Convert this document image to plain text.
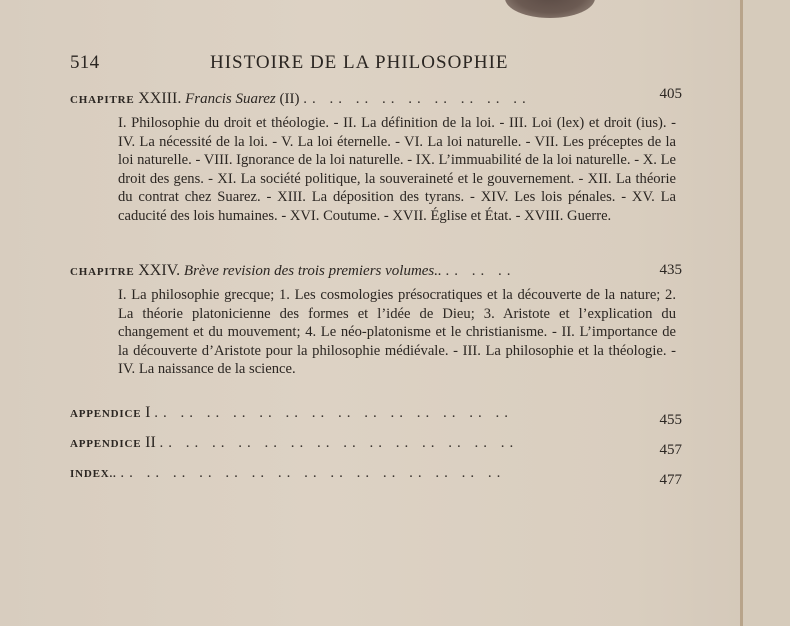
514	HISTOIRE DE LA PHILOSOPHIE
CHAPITRE XXIII. Francis Suarez (II) .. .. .. .. .. .. .. .. ..	405
I. Philosophie du droit et théologie. - II. La définition de la loi. - III. Loi (lex) et droit (ius). - IV. La nécessité de la loi. - V. La loi éternelle. - VI. La loi naturelle. - VII. Les préceptes de la loi naturelle. - VIII. Ignorance de la loi naturelle. - IX. L’immuabilité de la loi naturelle. - X. Le droit des gens. - XI. La société politique, la souveraineté et le gouvernement. - XII. La théorie du contrat chez Suarez. - XIII. La déposition des tyrans. - XIV. Les lois pénales. - XV. La caducité des lois humaines. - XVI. Coutume. - XVII. Église et État. - XVIII. Guerre.
CHAPITRE XXIV. Brève revision des trois premiers volumes.. .. .. ..	435
I. La philosophie grecque; 1. Les cosmologies présocratiques et la découverte de la nature; 2. La théorie platonicienne des formes et l’idée de Dieu; 3. Aristote et l’explication du changement et du mouvement; 4. Le néo-platonisme et le christianisme. - II. L’importance de la découverte d’Aristote pour la philosophie médiévale. - III. La philosophie et la théologie. - IV. La naissance de la science.
APPENDICE I .. .. .. .. .. .. .. .. .. .. .. .. .. ..	455
APPENDICE II .. .. .. .. .. .. .. .. .. .. .. .. .. ..	457
INDEX.. .. .. .. .. .. .. .. .. .. .. .. .. .. .. ..	477
